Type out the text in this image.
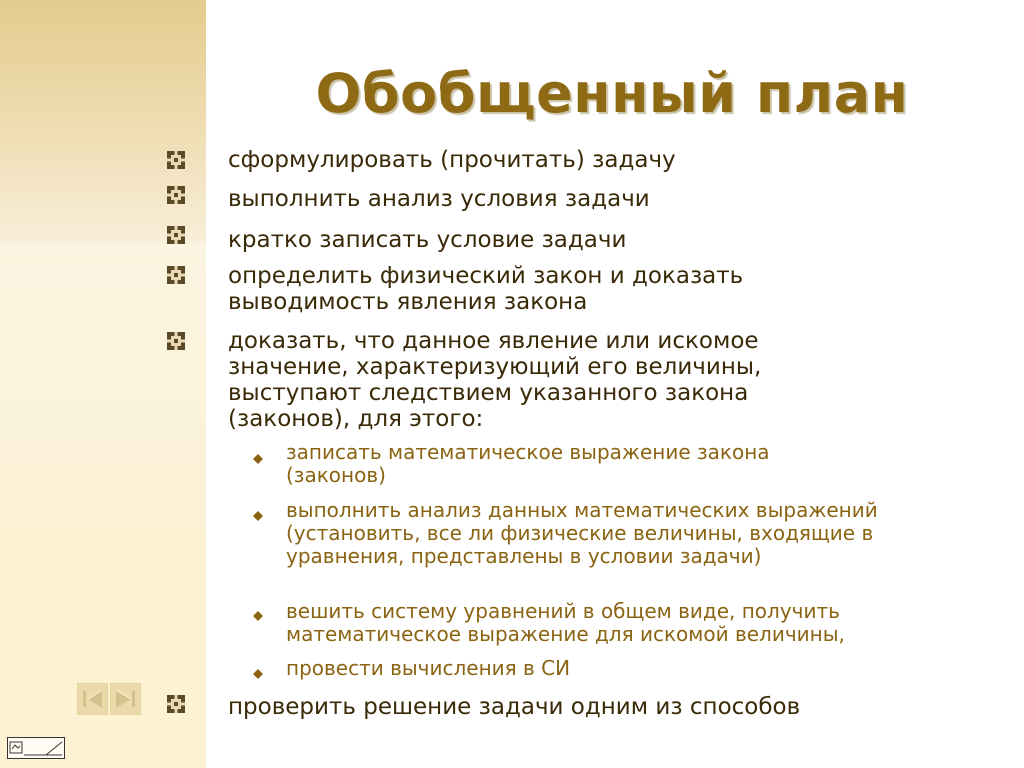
Обобщенный план

сформулировать (прочитать) задачу

выполнить анализ условия задачи

кратко записать условие задачи

определить физический закон и доказать выводимость явления закона

доказать, что данное явление или искомое значение, характеризующий его величины, выступают следствием указанного закона (законов), для этого:

записать математическое выражение закона (законов)

выполнить анализ данных математических выражений (установить, все ли физические величины, входящие в уравнения, представлены в условии задачи)

вешить систему уравнений в общем виде, получить математическое выражение для искомой величины,

провести вычисления в СИ

проверить решение задачи одним из способов
